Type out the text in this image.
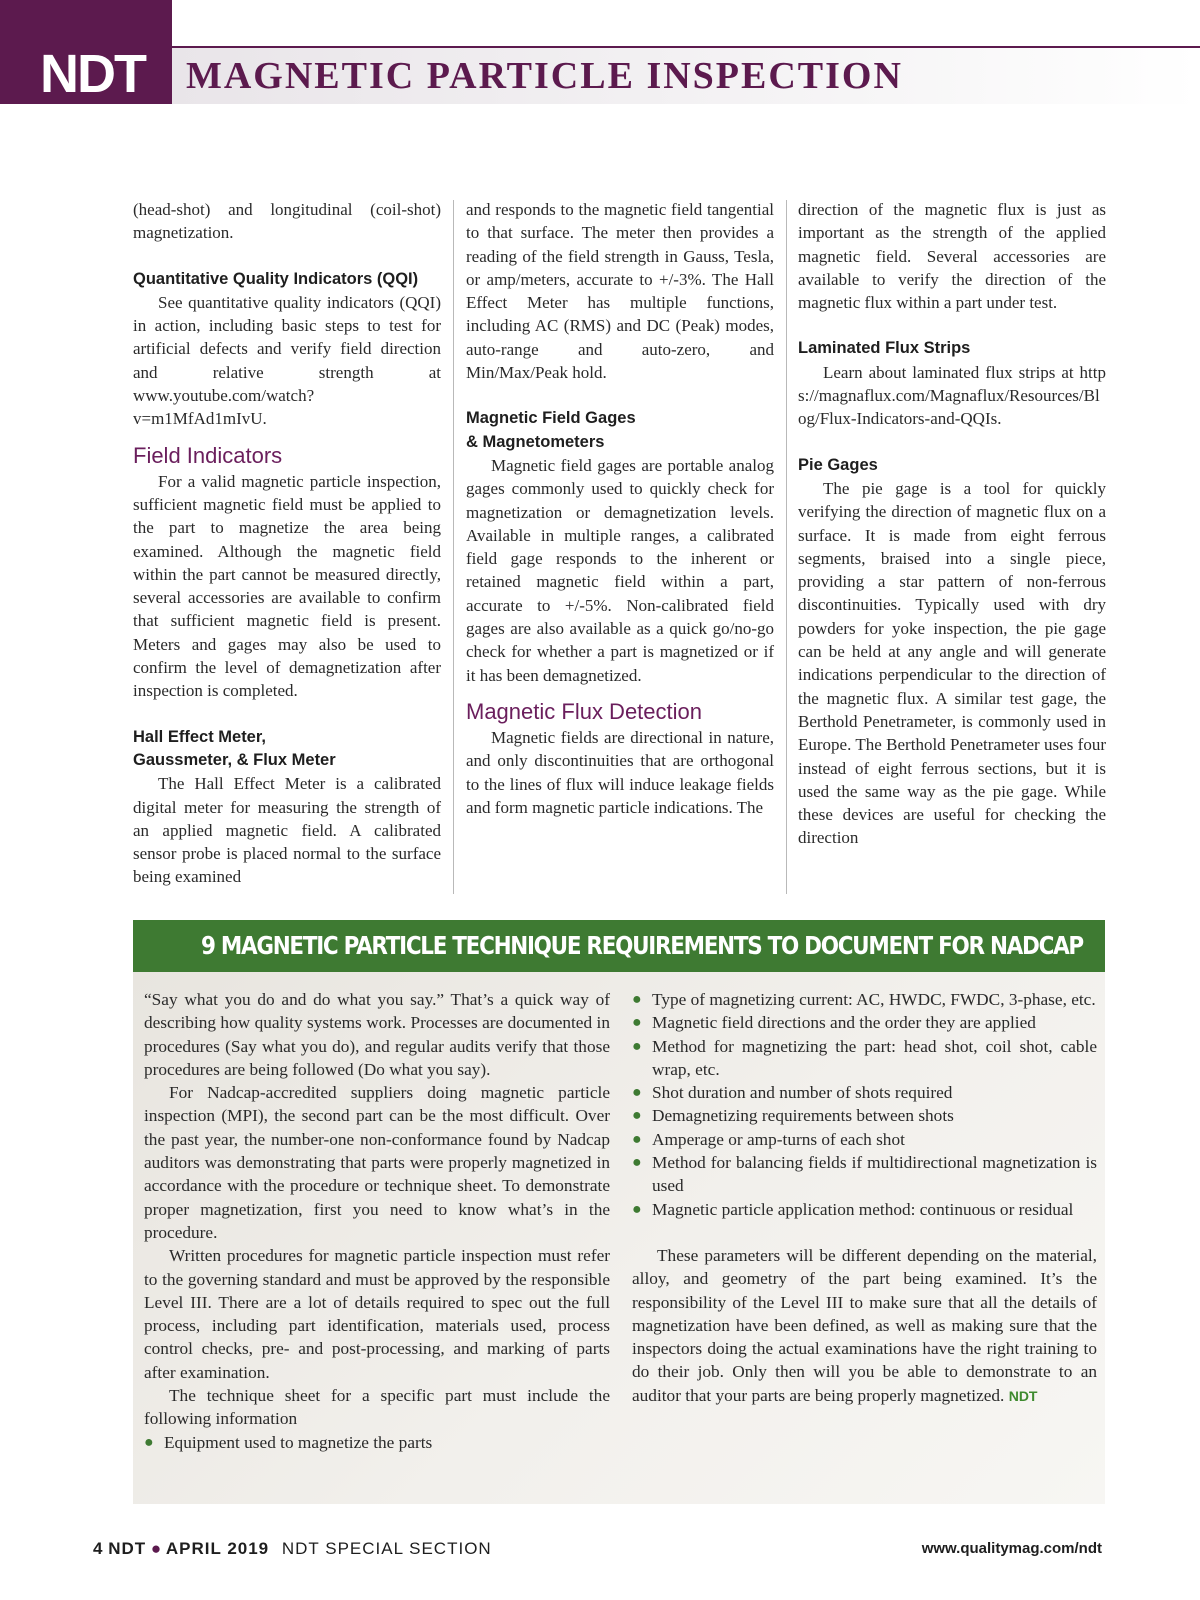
NDT MAGNETIC PARTICLE INSPECTION

(head-shot) and longitudinal (coil-shot) magnetization.

Quantitative Quality Indicators (QQI)

See quantitative quality indicators (QQI) in action, including basic steps to test for artificial defects and verify field direction and relative strength at www.youtube.com/watch?v=m1MfAd1mIvU.

Field Indicators

For a valid magnetic particle inspection, sufficient magnetic field must be applied to the part to magnetize the area being examined. Although the magnetic field within the part cannot be measured directly, several accessories are available to confirm that sufficient magnetic field is present. Meters and gages may also be used to confirm the level of demagnetization after inspection is completed.

Hall Effect Meter,
Gaussmeter, & Flux Meter

The Hall Effect Meter is a calibrated digital meter for measuring the strength of an applied magnetic field. A calibrated sensor probe is placed normal to the surface being examined

and responds to the magnetic field tangential to that surface. The meter then provides a reading of the field strength in Gauss, Tesla, or amp/meters, accurate to +/-3%. The Hall Effect Meter has multiple functions, including AC (RMS) and DC (Peak) modes, auto-range and auto-zero, and Min/Max/Peak hold.

Magnetic Field Gages
& Magnetometers

Magnetic field gages are portable analog gages commonly used to quickly check for magnetization or demagnetization levels. Available in multiple ranges, a calibrated field gage responds to the inherent or retained magnetic field within a part, accurate to +/-5%. Non-calibrated field gages are also available as a quick go/no-go check for whether a part is magnetized or if it has been demagnetized.

Magnetic Flux Detection

Magnetic fields are directional in nature, and only discontinuities that are orthogonal to the lines of flux will induce leakage fields and form magnetic particle indications. The

direction of the magnetic flux is just as important as the strength of the applied magnetic field. Several accessories are available to verify the direction of the magnetic flux within a part under test.

Laminated Flux Strips

Learn about laminated flux strips at https://magnaflux.com/Magnaflux/Resources/Blog/Flux-Indicators-and-QQIs.

Pie Gages

The pie gage is a tool for quickly verifying the direction of magnetic flux on a surface. It is made from eight ferrous segments, braised into a single piece, providing a star pattern of non-ferrous discontinuities. Typically used with dry powders for yoke inspection, the pie gage can be held at any angle and will generate indications perpendicular to the direction of the magnetic flux. A similar test gage, the Berthold Penetrameter, is commonly used in Europe. The Berthold Penetrameter uses four instead of eight ferrous sections, but it is used the same way as the pie gage. While these devices are useful for checking the direction

9 MAGNETIC PARTICLE TECHNIQUE REQUIREMENTS TO DOCUMENT FOR NADCAP

“Say what you do and do what you say.” That’s a quick way of describing how quality systems work. Processes are documented in procedures (Say what you do), and regular audits verify that those procedures are being followed (Do what you say).

For Nadcap-accredited suppliers doing magnetic particle inspection (MPI), the second part can be the most difficult. Over the past year, the number-one non-conformance found by Nadcap auditors was demonstrating that parts were properly magnetized in accordance with the procedure or technique sheet. To demonstrate proper magnetization, first you need to know what’s in the procedure.

Written procedures for magnetic particle inspection must refer to the governing standard and must be approved by the responsible Level III. There are a lot of details required to spec out the full process, including part identification, materials used, process control checks, pre- and post-processing, and marking of parts after examination.

The technique sheet for a specific part must include the following information

● Equipment used to magnetize the parts
● Type of magnetizing current: AC, HWDC, FWDC, 3-phase, etc.
● Magnetic field directions and the order they are applied
● Method for magnetizing the part: head shot, coil shot, cable wrap, etc.
● Shot duration and number of shots required
● Demagnetizing requirements between shots
● Amperage or amp-turns of each shot
● Method for balancing fields if multidirectional magnetization is used
● Magnetic particle application method: continuous or residual

These parameters will be different depending on the material, alloy, and geometry of the part being examined. It’s the responsibility of the Level III to make sure that all the details of magnetization have been defined, as well as making sure that the inspectors doing the actual examinations have the right training to do their job. Only then will you be able to demonstrate to an auditor that your parts are being properly magnetized. NDT

4 NDT ● APRIL 2019 NDT SPECIAL SECTION	www.qualitymag.com/ndt
